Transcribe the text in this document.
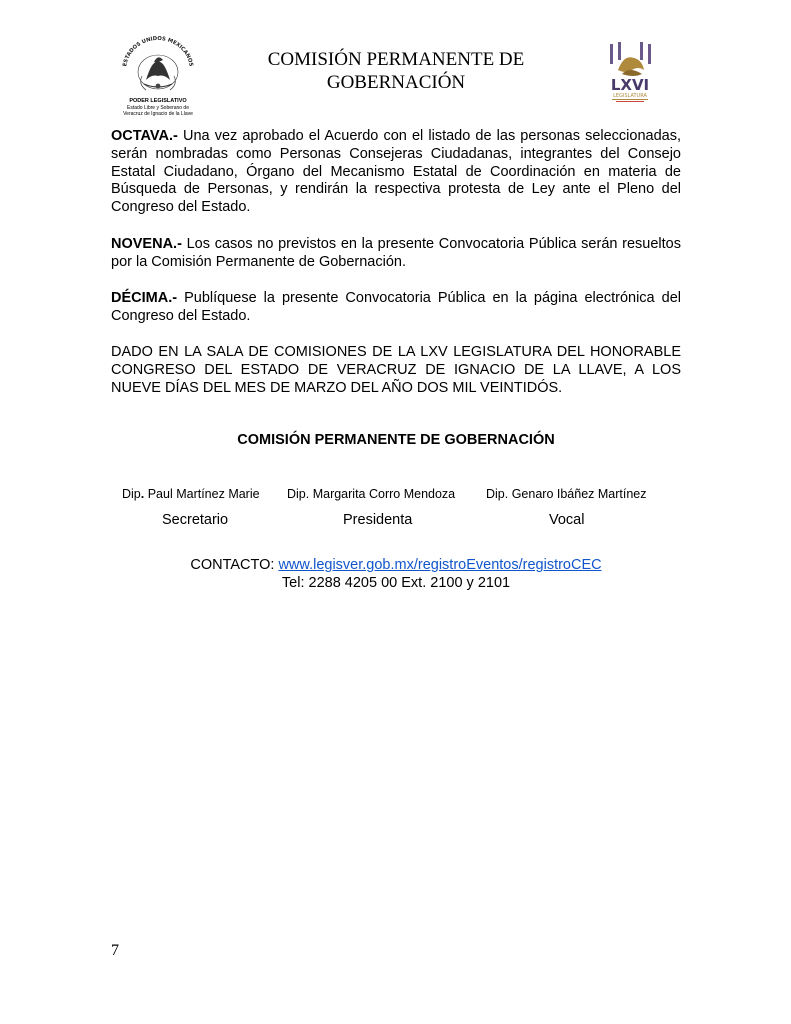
ESTADOS UNIDOS MEXICANOS
PODER LEGISLATIVO
Estado Libre y Soberano de
Veracruz de Ignacio de la Llave
COMISIÓN PERMANENTE DE
GOBERNACIÓN	LXVI
LEGISLATURA
OCTAVA.- Una vez aprobado el Acuerdo con el listado de las personas seleccionadas, serán nombradas como Personas Consejeras Ciudadanas, integrantes del Consejo Estatal Ciudadano, Órgano del Mecanismo Estatal de Coordinación en materia de Búsqueda de Personas, y rendirán la respectiva protesta de Ley ante el Pleno del Congreso del Estado.
NOVENA.- Los casos no previstos en la presente Convocatoria Pública serán resueltos por la Comisión Permanente de Gobernación.
DÉCIMA.- Publíquese la presente Convocatoria Pública en la página electrónica del Congreso del Estado.
DADO EN LA SALA DE COMISIONES DE LA LXV LEGISLATURA DEL HONORABLE CONGRESO DEL ESTADO DE VERACRUZ DE IGNACIO DE LA LLAVE, A LOS NUEVE DÍAS DEL MES DE MARZO DEL AÑO DOS MIL VEINTIDÓS.
COMISIÓN PERMANENTE DE GOBERNACIÓN
Dip. Paul Martínez Marie Dip. Margarita Corro Mendoza Dip. Genaro Ibáñez Martínez
Secretario	Presidenta	Vocal
CONTACTO: www.legisver.gob.mx/registroEventos/registroCEC
Tel: 2288 4205 00 Ext. 2100 y 2101
7
